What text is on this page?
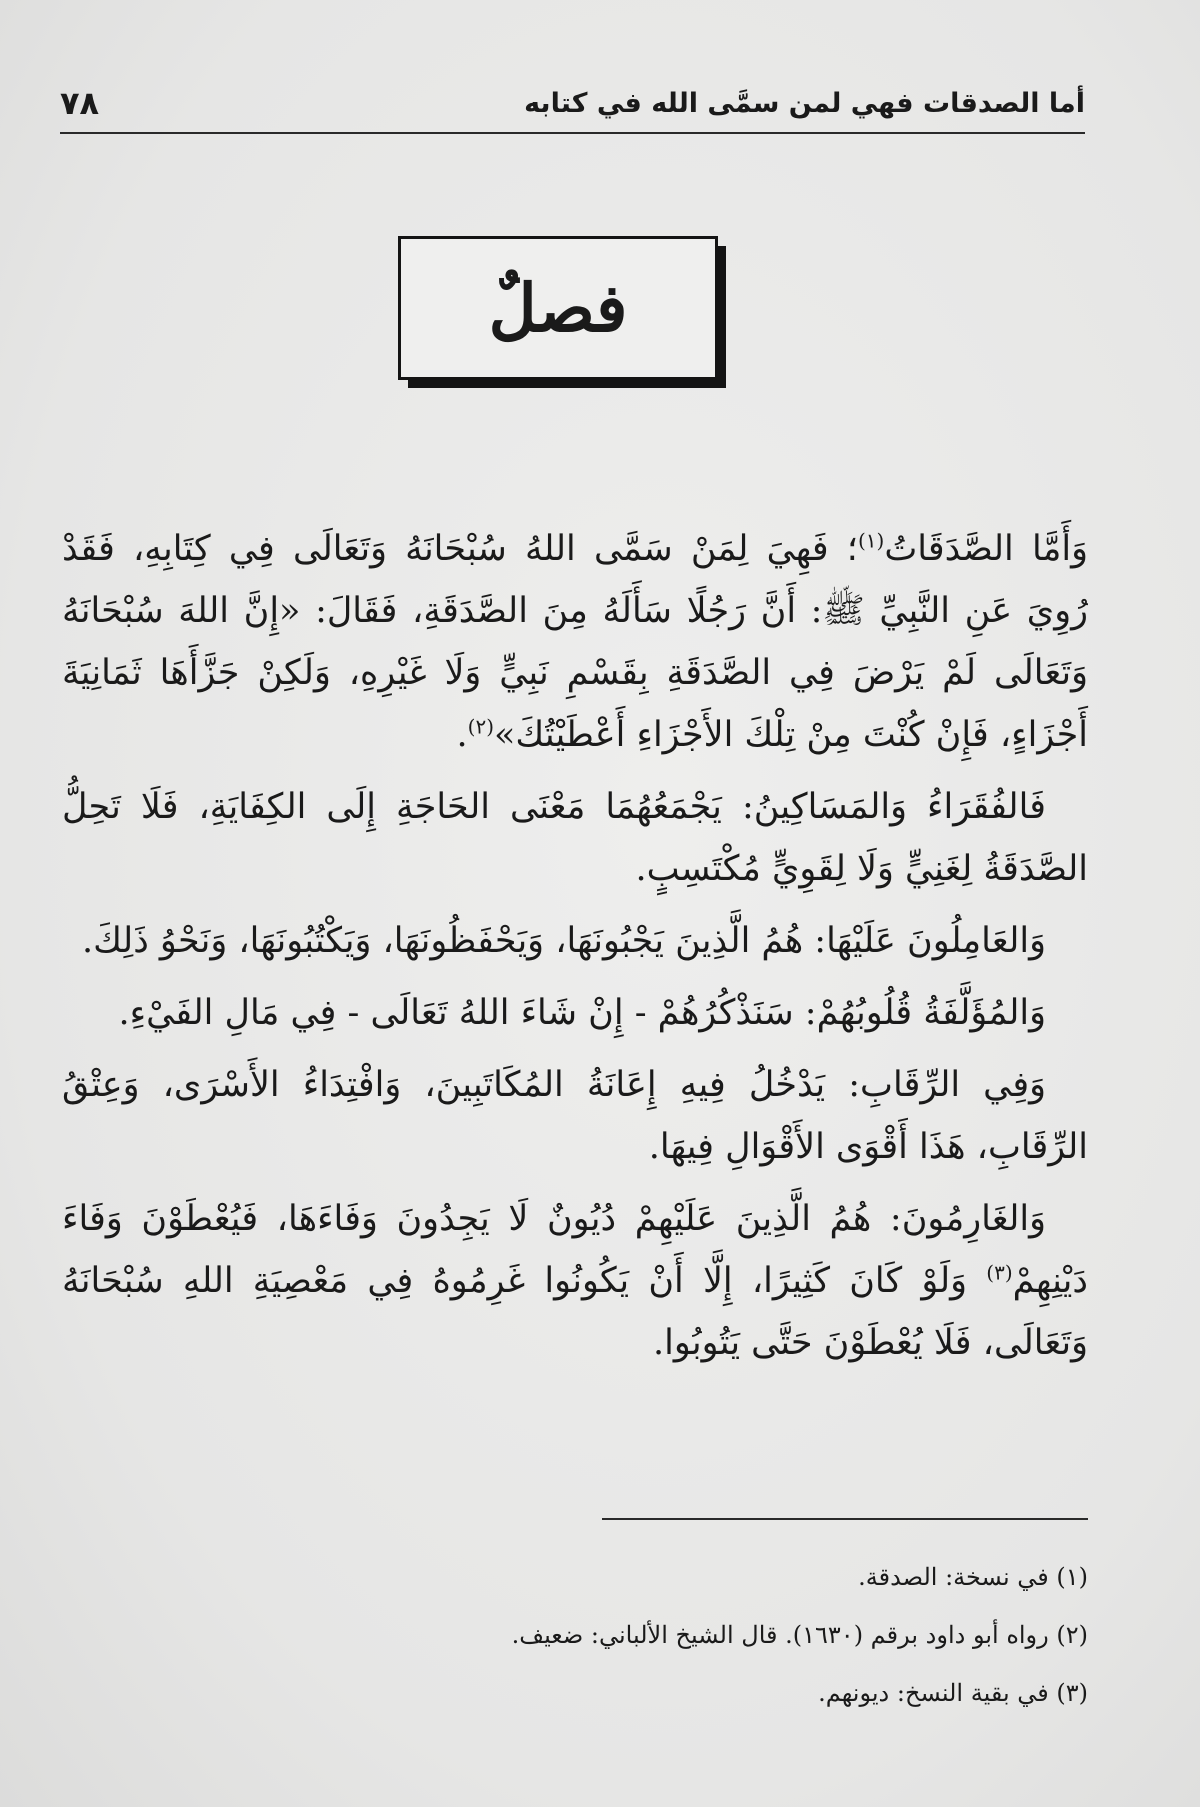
أما الصدقات فهي لمن سمَّى الله في كتابه
٧٨
فصلٌ

وَأَمَّا الصَّدَقَاتُ$^{(١)}$؛ فَهِيَ لِمَنْ سَمَّى اللهُ سُبْحَانَهُ وَتَعَالَى فِي كِتَابِهِ، فَقَدْ رُوِيَ عَنِ النَّبِيِّ ﷺ: أَنَّ رَجُلًا سَأَلَهُ مِنَ الصَّدَقَةِ، فَقَالَ: «إِنَّ اللهَ سُبْحَانَهُ وَتَعَالَى لَمْ يَرْضَ فِي الصَّدَقَةِ بِقَسْمِ نَبِيٍّ وَلَا غَيْرِهِ، وَلَكِنْ جَزَّأَهَا ثَمَانِيَةَ أَجْزَاءٍ، فَإِنْ كُنْتَ مِنْ تِلْكَ الأَجْزَاءِ أَعْطَيْتُكَ»$^{(٢)}$.

فَالفُقَرَاءُ وَالمَسَاكِينُ: يَجْمَعُهُمَا مَعْنَى الحَاجَةِ إِلَى الكِفَايَةِ، فَلَا تَحِلُّ الصَّدَقَةُ لِغَنِيٍّ وَلَا لِقَوِيٍّ مُكْتَسِبٍ.

وَالعَامِلُونَ عَلَيْهَا: هُمُ الَّذِينَ يَجْبُونَهَا، وَيَحْفَظُونَهَا، وَيَكْتُبُونَهَا، وَنَحْوُ ذَلِكَ.

وَالمُؤَلَّفَةُ قُلُوبُهُمْ: سَنَذْكُرُهُمْ - إِنْ شَاءَ اللهُ تَعَالَى - فِي مَالِ الفَيْءِ.

وَفِي الرِّقَابِ: يَدْخُلُ فِيهِ إِعَانَةُ المُكَاتَبِينَ، وَافْتِدَاءُ الأَسْرَى، وَعِتْقُ الرِّقَابِ، هَذَا أَقْوَى الأَقْوَالِ فِيهَا.

وَالغَارِمُونَ: هُمُ الَّذِينَ عَلَيْهِمْ دُيُونٌ لَا يَجِدُونَ وَفَاءَهَا، فَيُعْطَوْنَ وَفَاءَ دَيْنِهِمْ$^{(٣)}$ وَلَوْ كَانَ كَثِيرًا، إِلَّا أَنْ يَكُونُوا غَرِمُوهُ فِي مَعْصِيَةِ اللهِ سُبْحَانَهُ وَتَعَالَى، فَلَا يُعْطَوْنَ حَتَّى يَتُوبُوا.

(١) في نسخة: الصدقة.
(٢) رواه أبو داود برقم (١٦٣٠). قال الشيخ الألباني: ضعيف.
(٣) في بقية النسخ: ديونهم.
